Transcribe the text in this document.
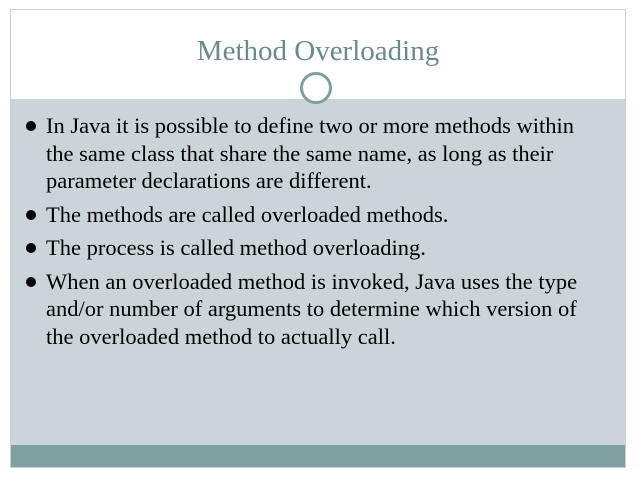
Method Overloading
In Java it is possible to define two or more methods within the same class that share the same name, as long as their parameter declarations are different.
The methods are called overloaded methods.
The process is called method overloading.
When an overloaded method is invoked, Java uses the type and/or number of arguments to determine which version of the overloaded method to actually call.
